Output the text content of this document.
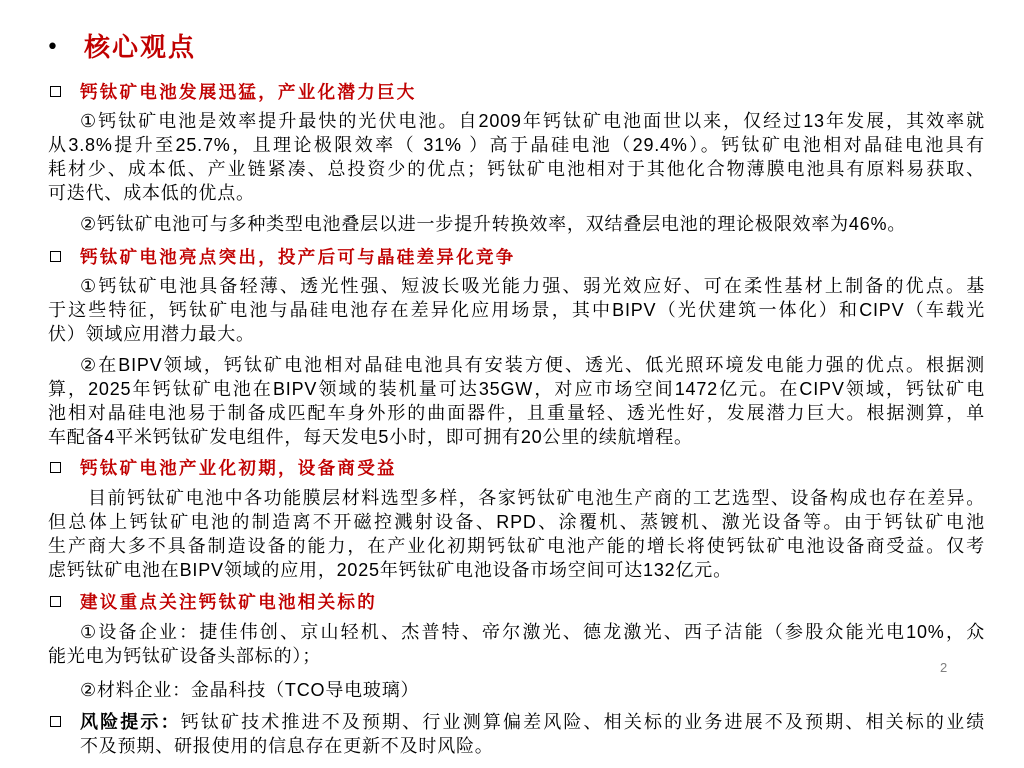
• 核心观点
钙钛矿电池发展迅猛，产业化潜力巨大
①钙钛矿电池是效率提升最快的光伏电池。自2009年钙钛矿电池面世以来，仅经过13年发展，其效率就
从3.8%提升至25.7%，且理论极限效率（ 31% ）高于晶硅电池（29.4%）。钙钛矿电池相对晶硅电池具有
耗材少、成本低、产业链紧凑、总投资少的优点；钙钛矿电池相对于其他化合物薄膜电池具有原料易获取、
可迭代、成本低的优点。
②钙钛矿电池可与多种类型电池叠层以进一步提升转换效率，双结叠层电池的理论极限效率为46%。
钙钛矿电池亮点突出，投产后可与晶硅差异化竞争
①钙钛矿电池具备轻薄、透光性强、短波长吸光能力强、弱光效应好、可在柔性基材上制备的优点。基
于这些特征，钙钛矿电池与晶硅电池存在差异化应用场景，其中BIPV（光伏建筑一体化）和CIPV（车载光
伏）领域应用潜力最大。
②在BIPV领域，钙钛矿电池相对晶硅电池具有安装方便、透光、低光照环境发电能力强的优点。根据测
算，2025年钙钛矿电池在BIPV领域的装机量可达35GW，对应市场空间1472亿元。在CIPV领域，钙钛矿电
池相对晶硅电池易于制备成匹配车身外形的曲面器件，且重量轻、透光性好，发展潜力巨大。根据测算，单
车配备4平米钙钛矿发电组件，每天发电5小时，即可拥有20公里的续航增程。
钙钛矿电池产业化初期，设备商受益
目前钙钛矿电池中各功能膜层材料选型多样，各家钙钛矿电池生产商的工艺选型、设备构成也存在差异。
但总体上钙钛矿电池的制造离不开磁控溅射设备、RPD、涂覆机、蒸镀机、激光设备等。由于钙钛矿电池
生产商大多不具备制造设备的能力，在产业化初期钙钛矿电池产能的增长将使钙钛矿电池设备商受益。仅考
虑钙钛矿电池在BIPV领域的应用，2025年钙钛矿电池设备市场空间可达132亿元。
建议重点关注钙钛矿电池相关标的
①设备企业：捷佳伟创、京山轻机、杰普特、帝尔激光、德龙激光、西子洁能（参股众能光电10%，众
能光电为钙钛矿设备头部标的）；
2
②材料企业：金晶科技（TCO导电玻璃）
风险提示：钙钛矿技术推进不及预期、行业测算偏差风险、相关标的业务进展不及预期、相关标的业绩
不及预期、研报使用的信息存在更新不及时风险。
